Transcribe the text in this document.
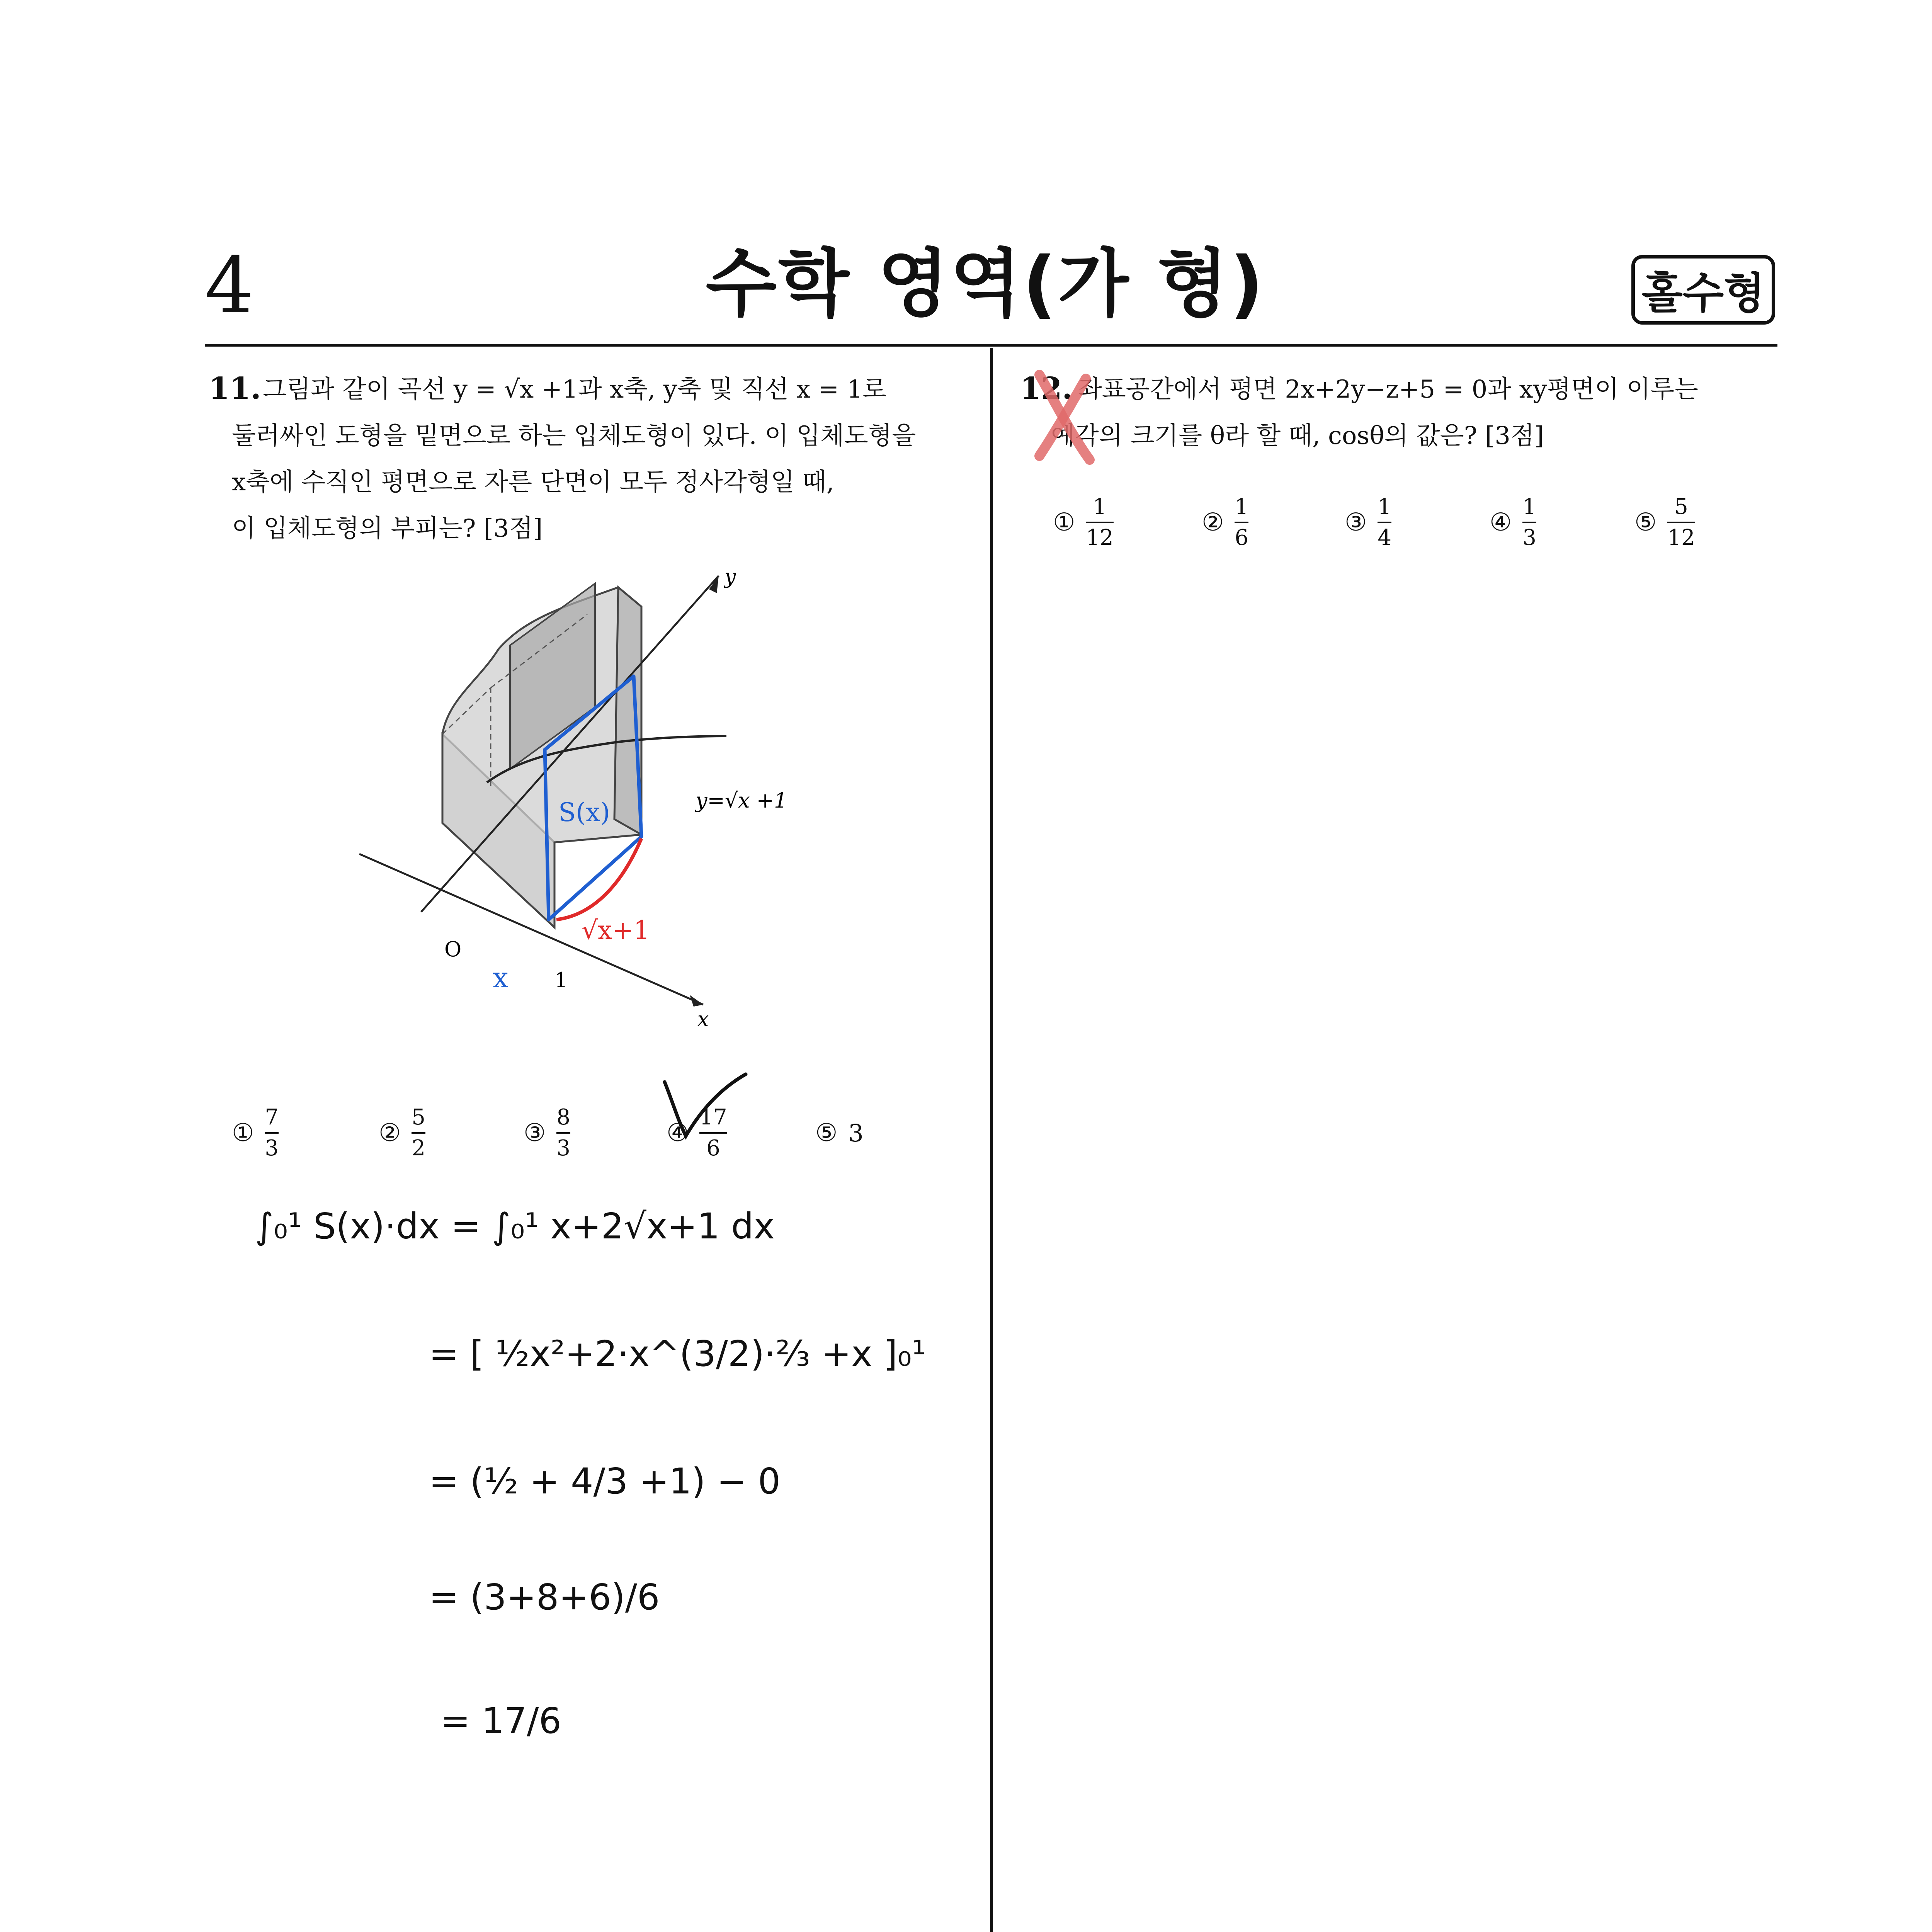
4	수학 영역(가 형)	홀수형
11. 그림과 같이 곡선 y = √x +1과 x축, y축 및 직선 x = 1로
둘러싸인 도형을 밑면으로 하는 입체도형이 있다. 이 입체도형을
x축에 수직인 평면으로 자른 단면이 모두 정사각형일 때,
이 입체도형의 부피는? [3점]
y
x
O
1
y=√x +1
S(x)
√x+1
x
① $\frac{7}{3}$	② $\frac{5}{2}$	③ $\frac{8}{3}$	④ $\frac{17}{6}$	⑤ 3
∫₀¹ S(x)·dx = ∫₀¹ x+2√x+1 dx
= [ ½x²+2·x^(3/2)·⅔ +x ]₀¹
= (½ + 4/3 +1) − 0
= (3+8+6)/6
= 17/6
12. 좌표공간에서 평면 2x+2y−z+5 = 0과 xy평면이 이루는
예각의 크기를 θ라 할 때, cosθ의 값은? [3점]
① $\frac{1}{12}$	② $\frac{1}{6}$	③ $\frac{1}{4}$	④ $\frac{1}{3}$	⑤ $\frac{5}{12}$
